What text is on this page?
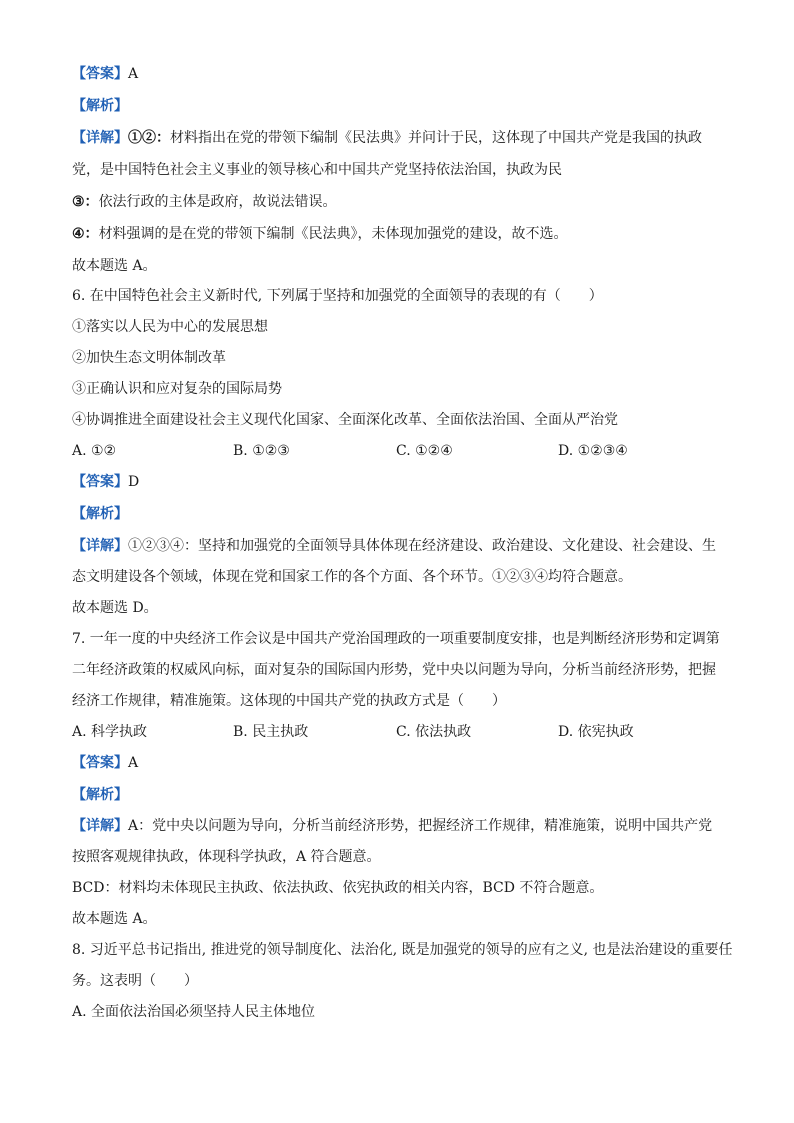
【答案】A
【解析】
【详解】①②：材料指出在党的带领下编制《民法典》并问计于民，这体现了中国共产党是我国的执政
党，是中国特色社会主义事业的领导核心和中国共产党坚持依法治国，执政为民
③：依法行政的主体是政府，故说法错误。
④：材料强调的是在党的带领下编制《民法典》，未体现加强党的建设，故不选。
故本题选 A。
6. 在中国特色社会主义新时代, 下列属于坚持和加强党的全面领导的表现的有（　　）
①落实以人民为中心的发展思想
②加快生态文明体制改革
③正确认识和应对复杂的国际局势
④协调推进全面建设社会主义现代化国家、全面深化改革、全面依法治国、全面从严治党
A. ①②	B. ①②③	C. ①②④	D. ①②③④
【答案】D
【解析】
【详解】①②③④：坚持和加强党的全面领导具体体现在经济建设、政治建设、文化建设、社会建设、生
态文明建设各个领域，体现在党和国家工作的各个方面、各个环节。①②③④均符合题意。
故本题选 D。
7. 一年一度的中央经济工作会议是中国共产党治国理政的一项重要制度安排，也是判断经济形势和定调第
二年经济政策的权威风向标，面对复杂的国际国内形势，党中央以问题为导向，分析当前经济形势，把握
经济工作规律，精准施策。这体现的中国共产党的执政方式是（　　）
A. 科学执政	B. 民主执政	C. 依法执政	D. 依宪执政
【答案】A
【解析】
【详解】A：党中央以问题为导向，分析当前经济形势，把握经济工作规律，精准施策，说明中国共产党
按照客观规律执政，体现科学执政，A 符合题意。
BCD：材料均未体现民主执政、依法执政、依宪执政的相关内容，BCD 不符合题意。
故本题选 A。
8. 习近平总书记指出, 推进党的领导制度化、法治化, 既是加强党的领导的应有之义, 也是法治建设的重要任
务。这表明（　　）
A. 全面依法治国必须坚持人民主体地位
